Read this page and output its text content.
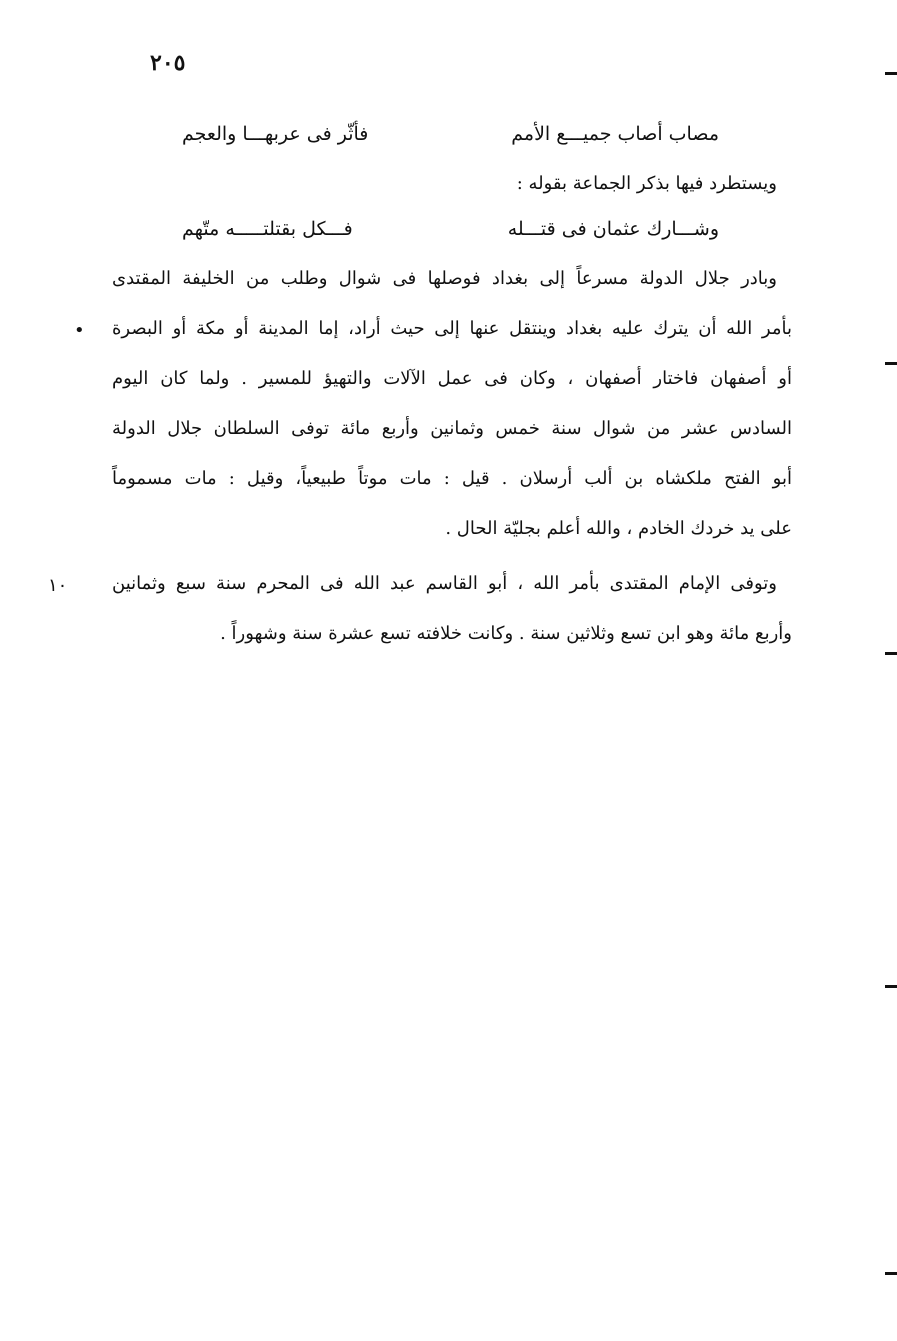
٢٠٥
مصاب أصاب جميـــع الأمم
فأثّر فى عربهـــا والعجم
ويستطرد فيها بذكر الجماعة بقوله :
وشـــارك عثمان فى قتـــله
فـــكل بقتلتـــــه متّهم
وبادر جلال الدولة مسرعاً إلى بغداد فوصلها فى شوال وطلب من الخليفة المقتدى
بأمر الله أن يترك عليه بغداد وينتقل عنها إلى حيث أراد، إما المدينة أو مكة أو البصرة
أو أصفهان فاختار أصفهان ، وكان فى عمل الآلات والتهيؤ للمسير . ولما كان اليوم
السادس عشر من شوال سنة خمس وثمانين وأربع مائة توفى السلطان جلال الدولة
أبو الفتح ملكشاه بن ألب أرسلان . قيل : مات موتاً طبيعياً، وقيل : مات مسموماً
على يد خردك الخادم ، والله أعلم بجليّة الحال .
وتوفى الإمام المقتدى بأمر الله ، أبو القاسم عبد الله فى المحرم سنة سبع وثمانين
وأربع مائة وهو ابن تسع وثلاثين سنة . وكانت خلافته تسع عشرة سنة وشهوراً .
•
١٠
